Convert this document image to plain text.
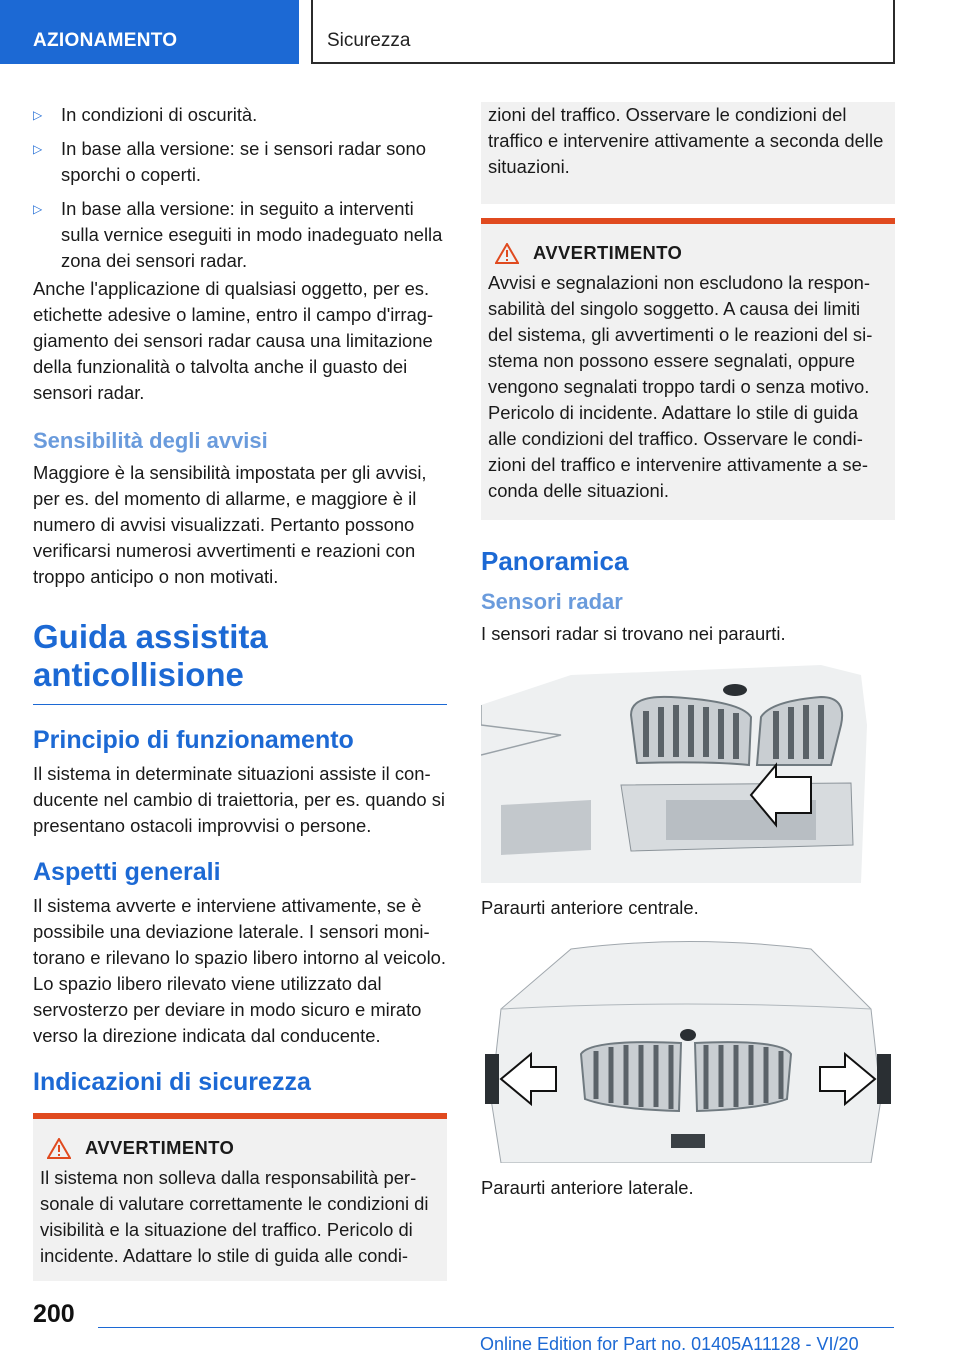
AZIONAMENTO	Sicurezza

▷ In condizioni di oscurità.

▷ In base alla versione: se i sensori radar sono sporchi o coperti.

▷ In base alla versione: in seguito a interventi sulla vernice eseguiti in modo inadeguato nella zona dei sensori radar.

Anche l'applicazione di qualsiasi oggetto, per es. etichette adesive o lamine, entro il campo d'irraggiamento dei sensori radar causa una limitazione della funzionalità o talvolta anche il guasto dei sensori radar.

Sensibilità degli avvisi

Maggiore è la sensibilità impostata per gli avvisi, per es. del momento di allarme, e maggiore è il numero di avvisi visualizzati. Pertanto possono verificarsi numerosi avvertimenti e reazioni con troppo anticipo o non motivati.

Guida assistita
anticollisione
Principio di funzionamento

Il sistema in determinate situazioni assiste il conducente nel cambio di traiettoria, per es. quando si presentano ostacoli improvvisi o persone.

Aspetti generali

Il sistema avverte e interviene attivamente, se è possibile una deviazione laterale. I sensori monitorano e rilevano lo spazio libero intorno al veicolo. Lo spazio libero rilevato viene utilizzato dal servosterzo per deviare in modo sicuro e mirato verso la direzione indicata dal conducente.

Indicazioni di sicurezza
AVVERTIMENTO

Il sistema non solleva dalla responsabilità personale di valutare correttamente le condizioni di visibilità e la situazione del traffico. Pericolo di incidente. Adattare lo stile di guida alle condi-

zioni del traffico. Osservare le condizioni del traffico e intervenire attivamente a seconda delle situazioni.

AVVERTIMENTO

Avvisi e segnalazioni non escludono la responsabilità del singolo soggetto. A causa dei limiti del sistema, gli avvertimenti o le reazioni del sistema non possono essere segnalati, oppure vengono segnalati troppo tardi o senza motivo. Pericolo di incidente. Adattare lo stile di guida alle condizioni del traffico. Osservare le condizioni del traffico e intervenire attivamente a seconda delle situazioni.

Panoramica
Sensori radar

I sensori radar si trovano nei paraurti.

Paraurti anteriore centrale.

Paraurti anteriore laterale.

200
Online Edition for Part no. 01405A11128 - VI/20
